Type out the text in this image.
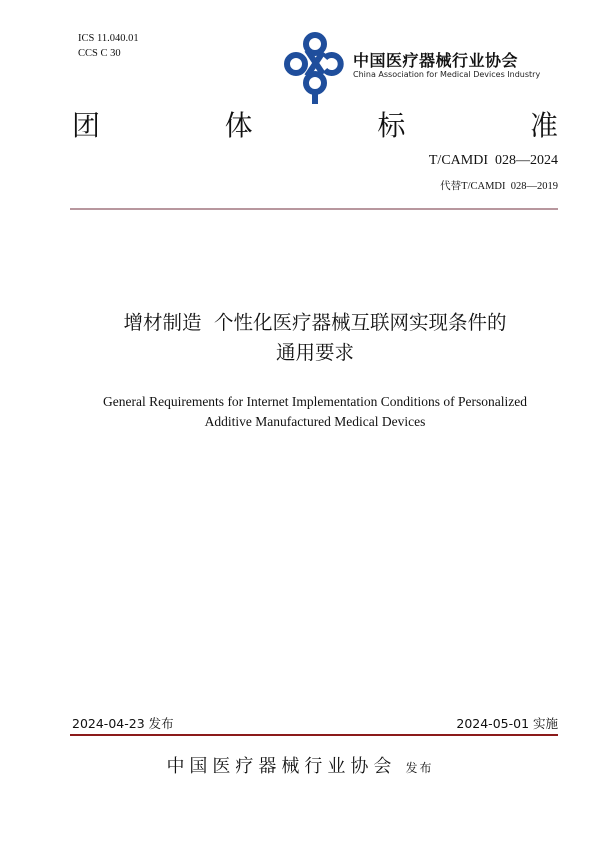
ICS 11.040.01
CCS C 30	中国医疗器械行业协会
China Association for Medical Devices Industry
团	体	标	准
T/CAMDI  028—2024
代替T/CAMDI  028—2019
增材制造  个性化医疗器械互联网实现条件的
通用要求
General Requirements for Internet Implementation Conditions of Personalized
Additive Manufactured Medical Devices
2024-04-23 发布	2024-05-01 实施
中国医疗器械行业协会 发布
